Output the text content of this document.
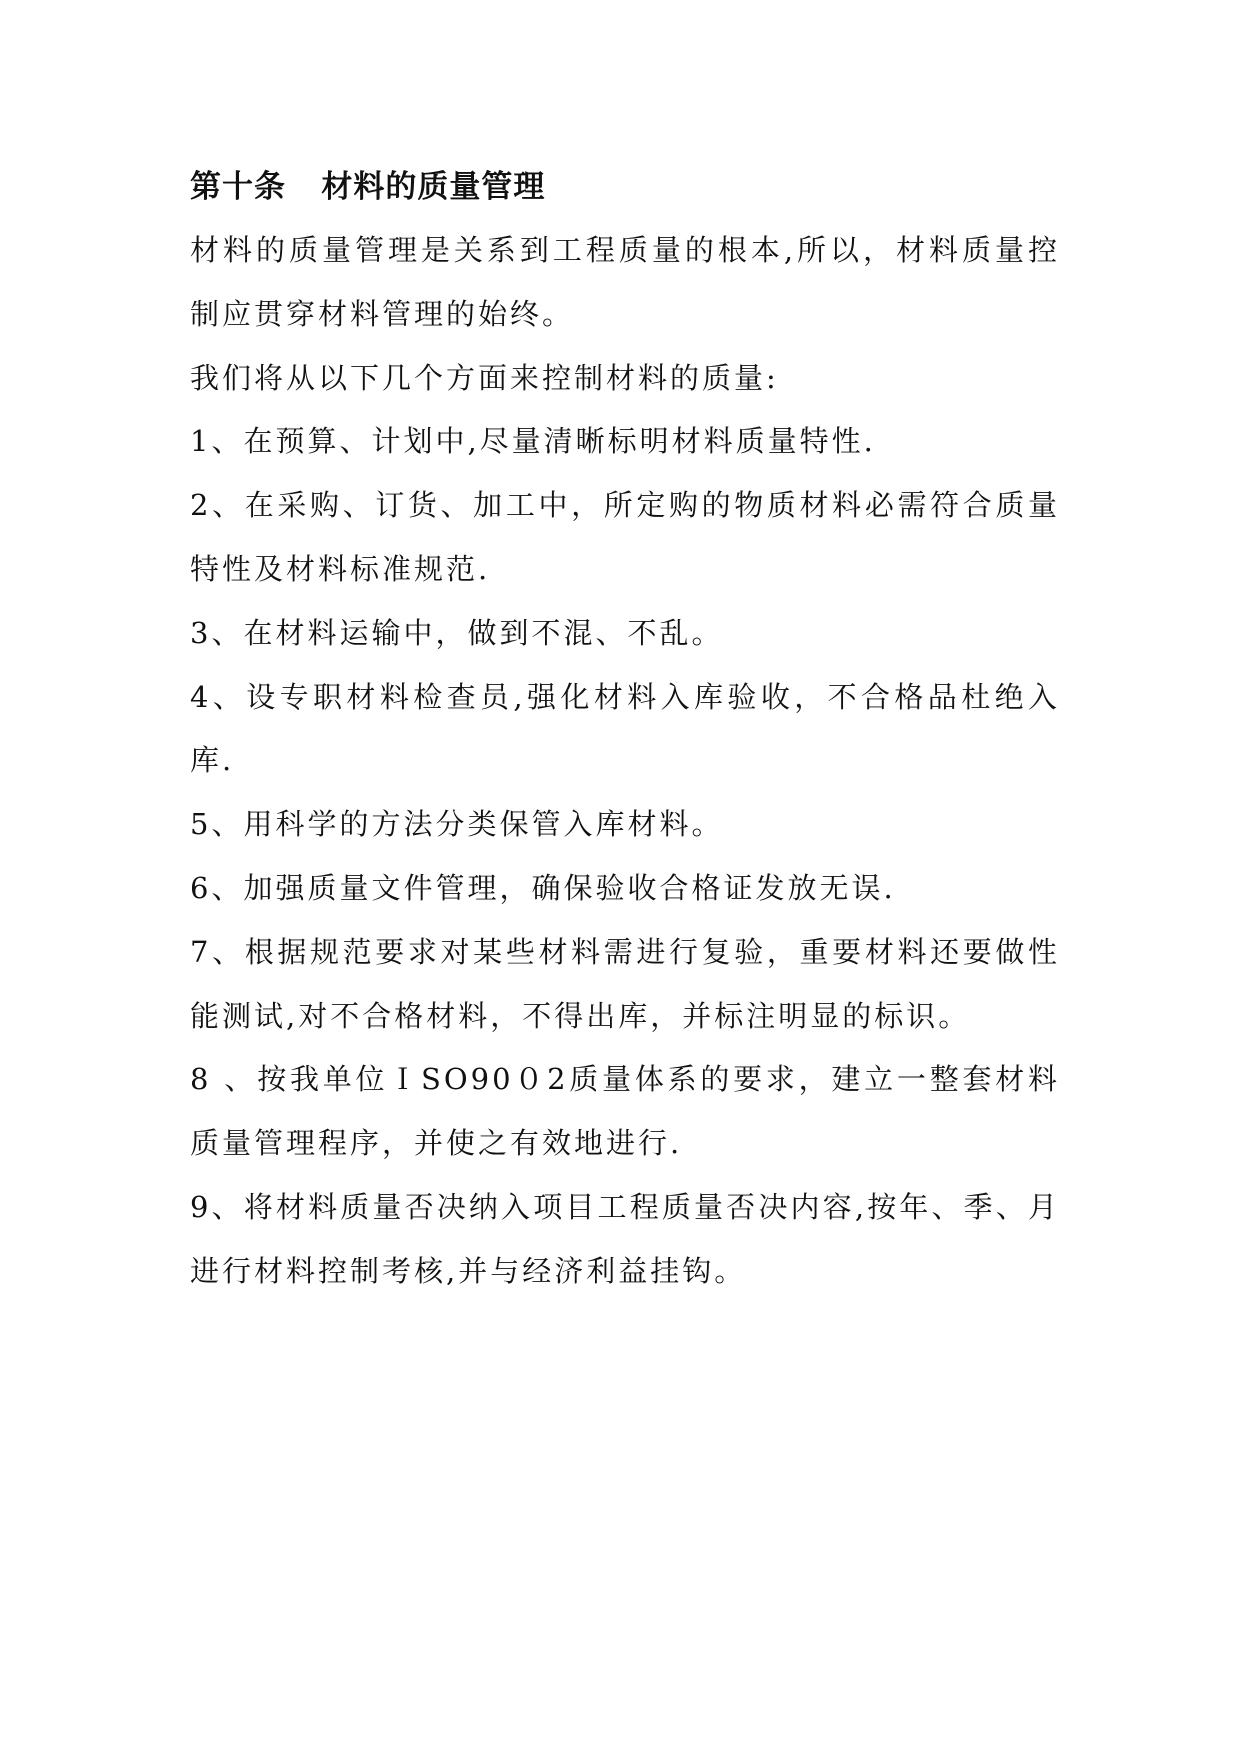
第十条   材料的质量管理

材料的质量管理是关系到工程质量的根本,所以，材料质量控制应贯穿材料管理的始终。

我们将从以下几个方面来控制材料的质量:

1、在预算、计划中,尽量清晰标明材料质量特性.

2、在采购、订货、加工中，所定购的物质材料必需符合质量特性及材料标准规范.

3、在材料运输中，做到不混、不乱。

4、设专职材料检查员,强化材料入库验收，不合格品杜绝入库.

5、用科学的方法分类保管入库材料。

6、加强质量文件管理，确保验收合格证发放无误.

7、根据规范要求对某些材料需进行复验，重要材料还要做性能测试,对不合格材料，不得出库，并标注明显的标识。

8 、按我单位ＩSO90０2质量体系的要求，建立一整套材料质量管理程序，并使之有效地进行.

9、将材料质量否决纳入项目工程质量否决内容,按年、季、月进行材料控制考核,并与经济利益挂钩。
